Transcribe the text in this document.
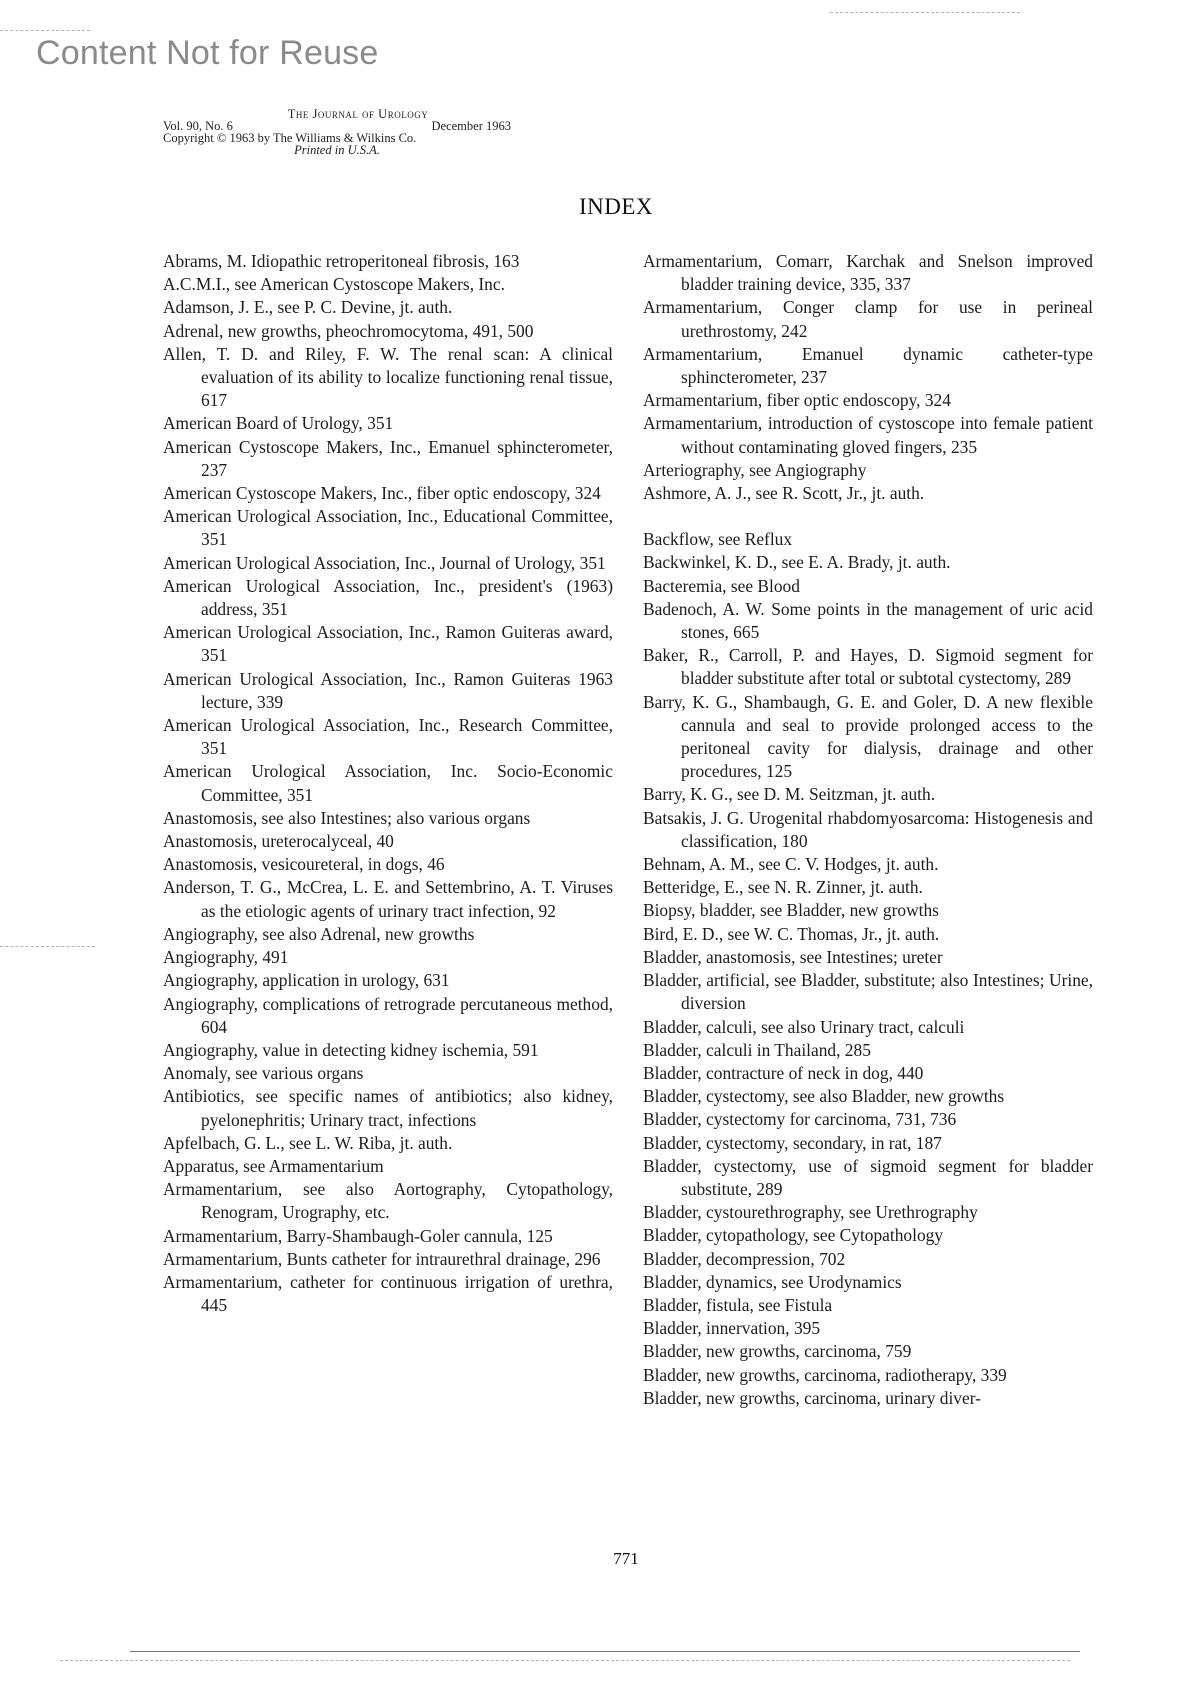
Content Not for Reuse
The Journal of Urology
Vol. 90, No. 6	December 1963
Copyright © 1963 by The Williams & Wilkins Co.
Printed in U.S.A.
INDEX
Abrams, M. Idiopathic retroperitoneal fibrosis, 163
A.C.M.I., see American Cystoscope Makers, Inc.
Adamson, J. E., see P. C. Devine, jt. auth.
Adrenal, new growths, pheochromocytoma, 491, 500
Allen, T. D. and Riley, F. W. The renal scan: A clinical evaluation of its ability to localize functioning renal tissue, 617
American Board of Urology, 351
American Cystoscope Makers, Inc., Emanuel sphincterometer, 237
American Cystoscope Makers, Inc., fiber optic endoscopy, 324
American Urological Association, Inc., Educational Committee, 351
American Urological Association, Inc., Journal of Urology, 351
American Urological Association, Inc., president's (1963) address, 351
American Urological Association, Inc., Ramon Guiteras award, 351
American Urological Association, Inc., Ramon Guiteras 1963 lecture, 339
American Urological Association, Inc., Research Committee, 351
American Urological Association, Inc. Socio-Economic Committee, 351
Anastomosis, see also Intestines; also various organs
Anastomosis, ureterocalyceal, 40
Anastomosis, vesicoureteral, in dogs, 46
Anderson, T. G., McCrea, L. E. and Settembrino, A. T. Viruses as the etiologic agents of urinary tract infection, 92
Angiography, see also Adrenal, new growths
Angiography, 491
Angiography, application in urology, 631
Angiography, complications of retrograde percutaneous method, 604
Angiography, value in detecting kidney ischemia, 591
Anomaly, see various organs
Antibiotics, see specific names of antibiotics; also kidney, pyelonephritis; Urinary tract, infections
Apfelbach, G. L., see L. W. Riba, jt. auth.
Apparatus, see Armamentarium
Armamentarium, see also Aortography, Cytopathology, Renogram, Urography, etc.
Armamentarium, Barry-Shambaugh-Goler cannula, 125
Armamentarium, Bunts catheter for intraurethral drainage, 296
Armamentarium, catheter for continuous irrigation of urethra, 445
Armamentarium, Comarr, Karchak and Snelson improved bladder training device, 335, 337
Armamentarium, Conger clamp for use in perineal urethrostomy, 242
Armamentarium, Emanuel dynamic catheter-type sphincterometer, 237
Armamentarium, fiber optic endoscopy, 324
Armamentarium, introduction of cystoscope into female patient without contaminating gloved fingers, 235
Arteriography, see Angiography
Ashmore, A. J., see R. Scott, Jr., jt. auth.
Backflow, see Reflux
Backwinkel, K. D., see E. A. Brady, jt. auth.
Bacteremia, see Blood
Badenoch, A. W. Some points in the management of uric acid stones, 665
Baker, R., Carroll, P. and Hayes, D. Sigmoid segment for bladder substitute after total or subtotal cystectomy, 289
Barry, K. G., Shambaugh, G. E. and Goler, D. A new flexible cannula and seal to provide prolonged access to the peritoneal cavity for dialysis, drainage and other procedures, 125
Barry, K. G., see D. M. Seitzman, jt. auth.
Batsakis, J. G. Urogenital rhabdomyosarcoma: Histogenesis and classification, 180
Behnam, A. M., see C. V. Hodges, jt. auth.
Betteridge, E., see N. R. Zinner, jt. auth.
Biopsy, bladder, see Bladder, new growths
Bird, E. D., see W. C. Thomas, Jr., jt. auth.
Bladder, anastomosis, see Intestines; ureter
Bladder, artificial, see Bladder, substitute; also Intestines; Urine, diversion
Bladder, calculi, see also Urinary tract, calculi
Bladder, calculi in Thailand, 285
Bladder, contracture of neck in dog, 440
Bladder, cystectomy, see also Bladder, new growths
Bladder, cystectomy for carcinoma, 731, 736
Bladder, cystectomy, secondary, in rat, 187
Bladder, cystectomy, use of sigmoid segment for bladder substitute, 289
Bladder, cystourethrography, see Urethrography
Bladder, cytopathology, see Cytopathology
Bladder, decompression, 702
Bladder, dynamics, see Urodynamics
Bladder, fistula, see Fistula
Bladder, innervation, 395
Bladder, new growths, carcinoma, 759
Bladder, new growths, carcinoma, radiotherapy, 339
Bladder, new growths, carcinoma, urinary diver-
771
